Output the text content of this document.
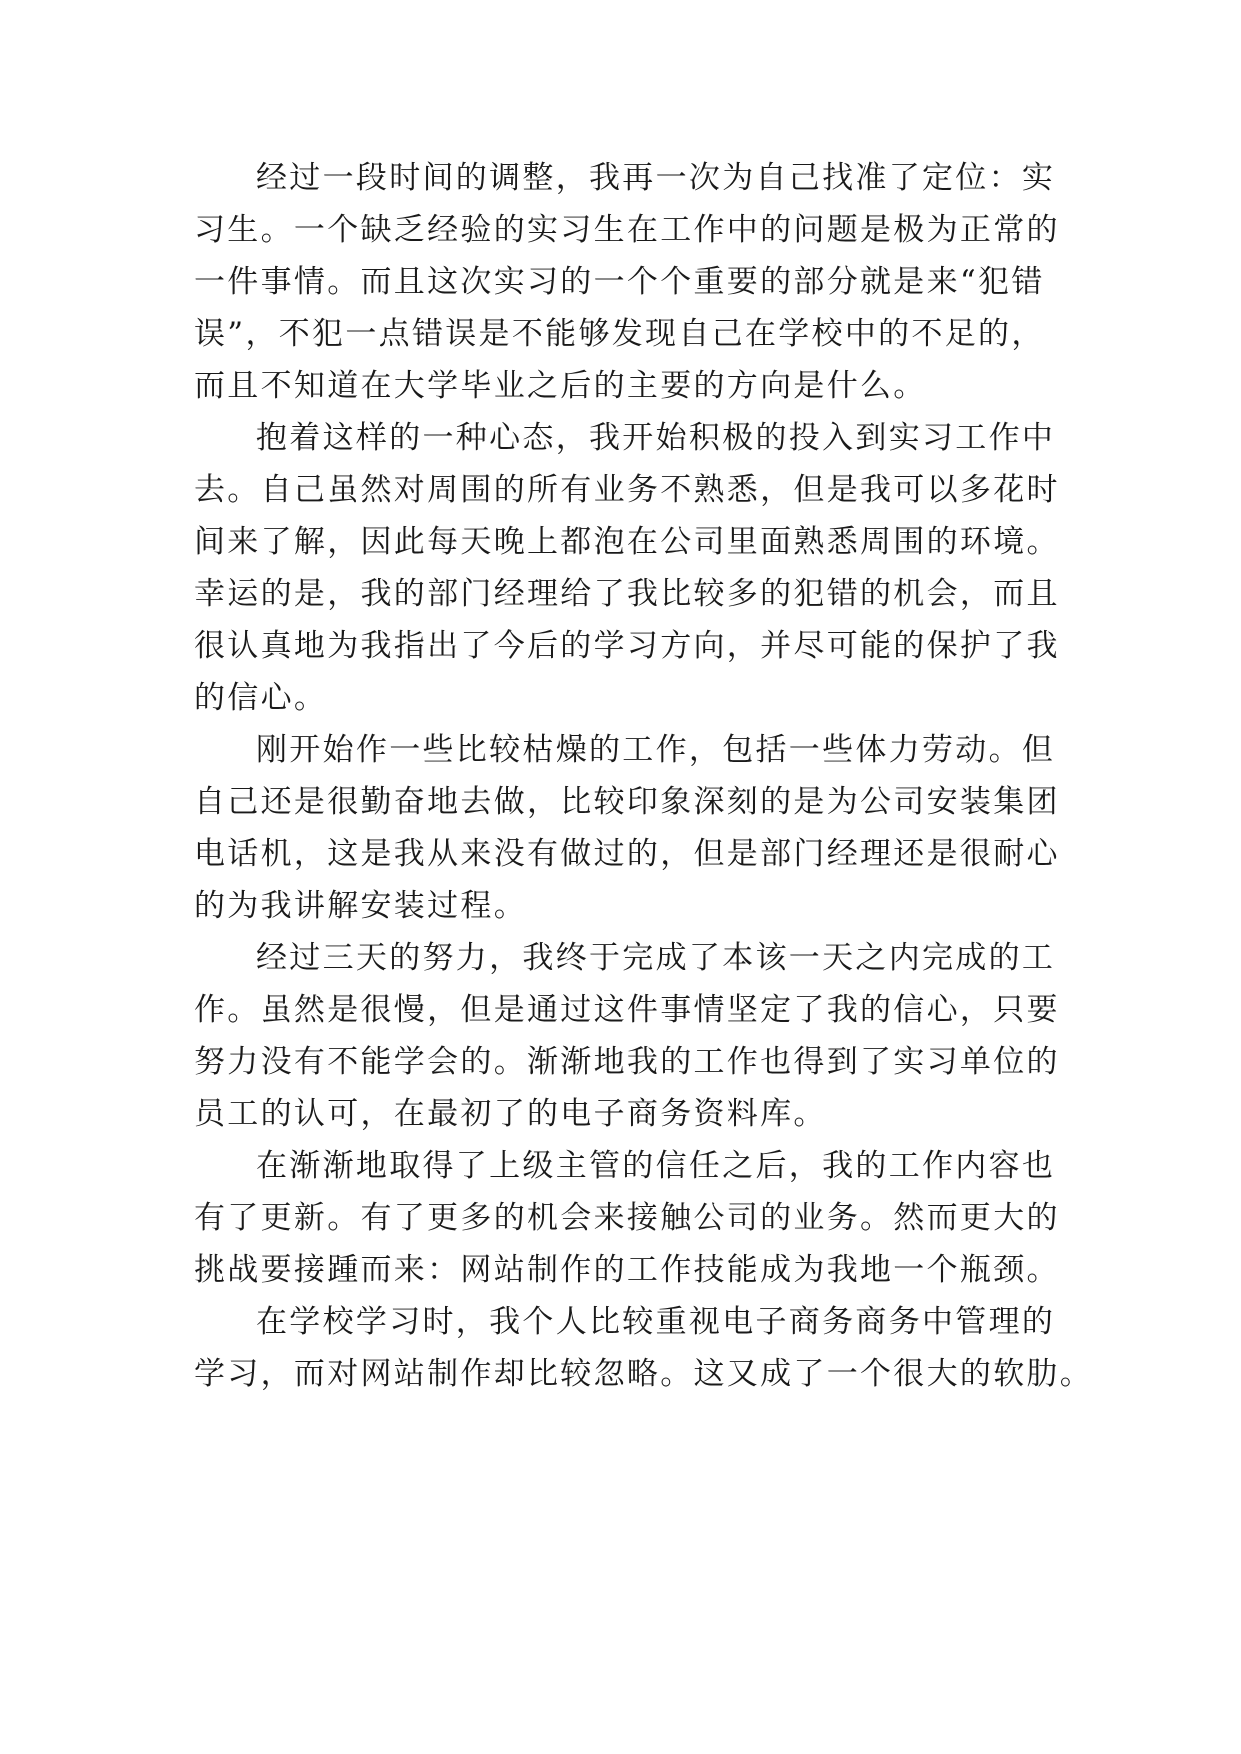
经过一段时间的调整，我再一次为自己找准了定位：实
习生。一个缺乏经验的实习生在工作中的问题是极为正常的
一件事情。而且这次实习的一个个重要的部分就是来“犯错
误”，不犯一点错误是不能够发现自己在学校中的不足的，
而且不知道在大学毕业之后的主要的方向是什么。
抱着这样的一种心态，我开始积极的投入到实习工作中
去。自己虽然对周围的所有业务不熟悉，但是我可以多花时
间来了解，因此每天晚上都泡在公司里面熟悉周围的环境。
幸运的是，我的部门经理给了我比较多的犯错的机会，而且
很认真地为我指出了今后的学习方向，并尽可能的保护了我
的信心。
刚开始作一些比较枯燥的工作，包括一些体力劳动。但
自己还是很勤奋地去做，比较印象深刻的是为公司安装集团
电话机，这是我从来没有做过的，但是部门经理还是很耐心
的为我讲解安装过程。
经过三天的努力，我终于完成了本该一天之内完成的工
作。虽然是很慢，但是通过这件事情坚定了我的信心，只要
努力没有不能学会的。渐渐地我的工作也得到了实习单位的
员工的认可，在最初了的电子商务资料库。
在渐渐地取得了上级主管的信任之后，我的工作内容也
有了更新。有了更多的机会来接触公司的业务。然而更大的
挑战要接踵而来：网站制作的工作技能成为我地一个瓶颈。
在学校学习时，我个人比较重视电子商务商务中管理的
学习，而对网站制作却比较忽略。这又成了一个很大的软肋。
